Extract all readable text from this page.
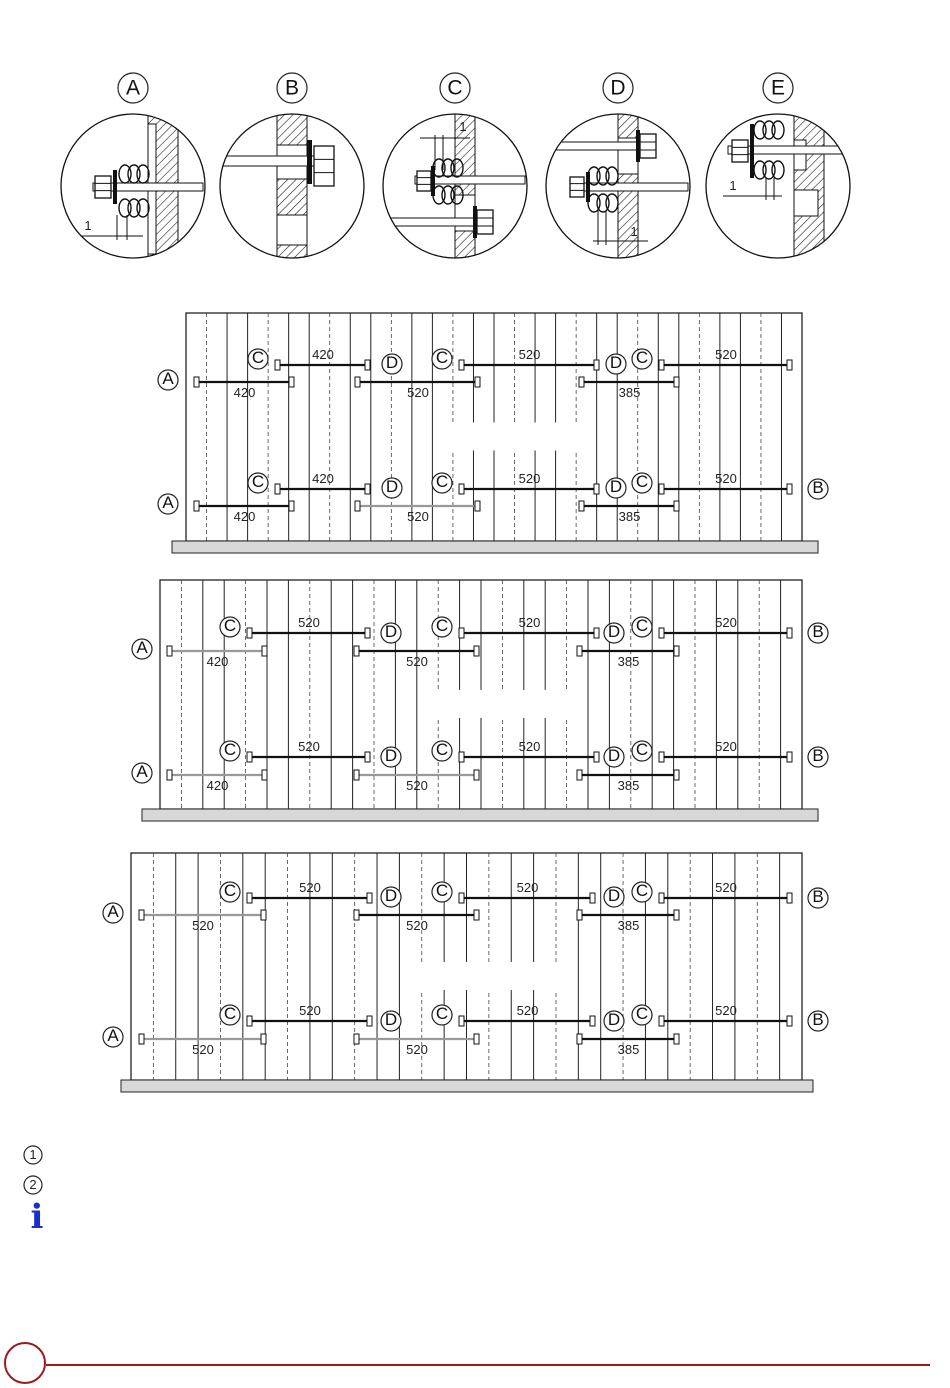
A
1
B	C
1
D
1
E
1
420
A
420
C
520
D	520
C
385
D	520
C
420
A
420
C
520
D	520
C
385
D	520
C	B
420
A
520
C
520
D	520
C
385
D	520
C	B
420
A
520
C
520
D	520
C
385
D	520
C	B
520
A
520
C
520
D	520
C
385
D	520
C	B
520
A
520
C
520
D	520
C
385
D	520
C	B
1
2
i
